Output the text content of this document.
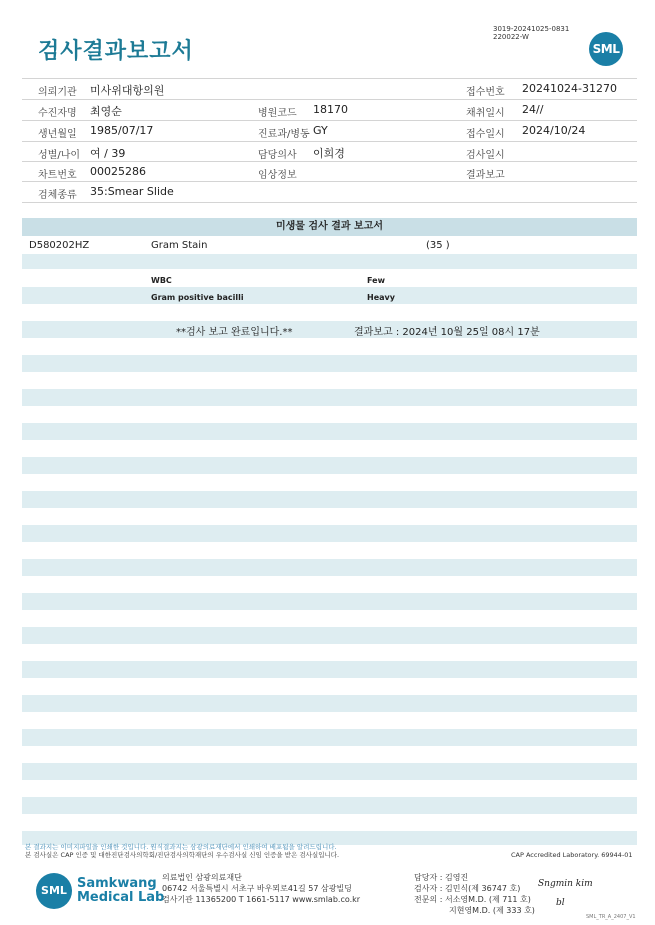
검사결과보고서
3019-20241025-0831
220022-W
SML
의뢰기관 미사위대항의원	접수번호 20241024-31270
수진자명 최영순	병원코드 18170	채취일시 24//
생년월일 1985/07/17	진료과/병동 GY	접수일시 2024/10/24
성별/나이 여 / 39	담당의사 이희경	검사일시
차트번호 00025286	임상정보	결과보고
검체종류 35:Smear Slide
미생물 검사 결과 보고서
D580202HZ	Gram Stain	(35 )
WBC	Few
Gram positive bacilli	Heavy
**검사 보고 완료입니다.**	결과보고 : 2024년 10월 25일 08시 17분
본 결과지는 이미지파일을 인쇄한 것입니다. 원식결과지는 삼광의료재단에서 인쇄하여 배포됨을 알려드립니다.
본 검사실은 CAP 인증 및 대한진단검사의학회/진단검사의학재단의 우수검사실 신임 인증을 받은 검사실입니다.	CAP Accredited Laboratory. 69944-01
SML Samkwang
Medical Lab
의료법인 삼광의료재단
06742 서울특별시 서초구 바우뫼로41길 57 삼광빌딩
검사기관 11365200 T 1661-5117 www.smlab.co.kr
담당자 : 김영진
검사자 : 김민식(제 36747 호)
전문의 : 서소영M.D. (제 711 호)
지현영M.D. (제 333 호)
Sngmin kim
bl
SML_TR_A_2407_V1
